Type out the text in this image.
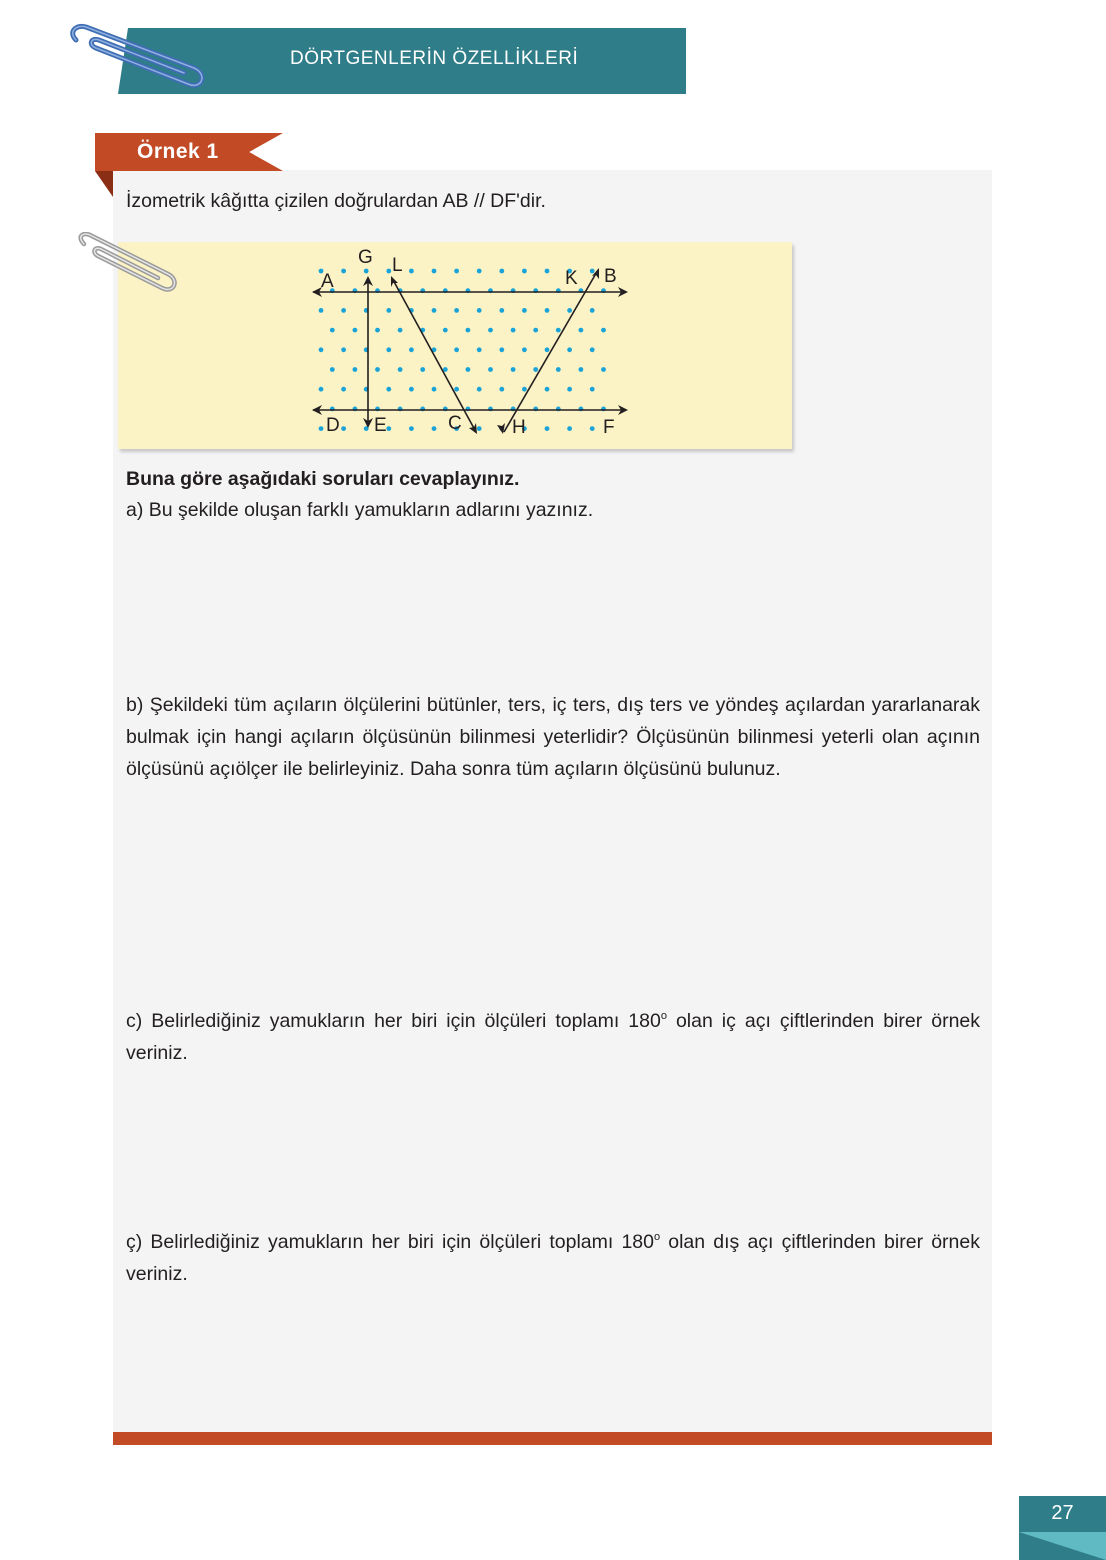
DÖRTGENLERİN ÖZELLİKLERİ
Örnek 1
İzometrik kâğıtta çizilen doğrulardan AB // DF'dir.
G L
A	K B
D E	C	H	F
Buna göre aşağıdaki soruları cevaplayınız.
a) Bu şekilde oluşan farklı yamukların adlarını yazınız.
b) Şekildeki tüm açıların ölçülerini bütünler, ters, iç ters, dış ters ve yöndeş açılardan yararlanarak bulmak için hangi açıların ölçüsünün bilinmesi yeterlidir? Ölçüsünün bilinmesi yeterli olan açının ölçüsünü açıölçer ile belirleyiniz. Daha sonra tüm açıların ölçüsünü bulunuz.
c) Belirlediğiniz yamukların her biri için ölçüleri toplamı 180$^o$ olan iç açı çiftlerinden birer örnek veriniz.
ç) Belirlediğiniz yamukların her biri için ölçüleri toplamı 180$^o$ olan dış açı çiftlerinden birer örnek veriniz.
27
